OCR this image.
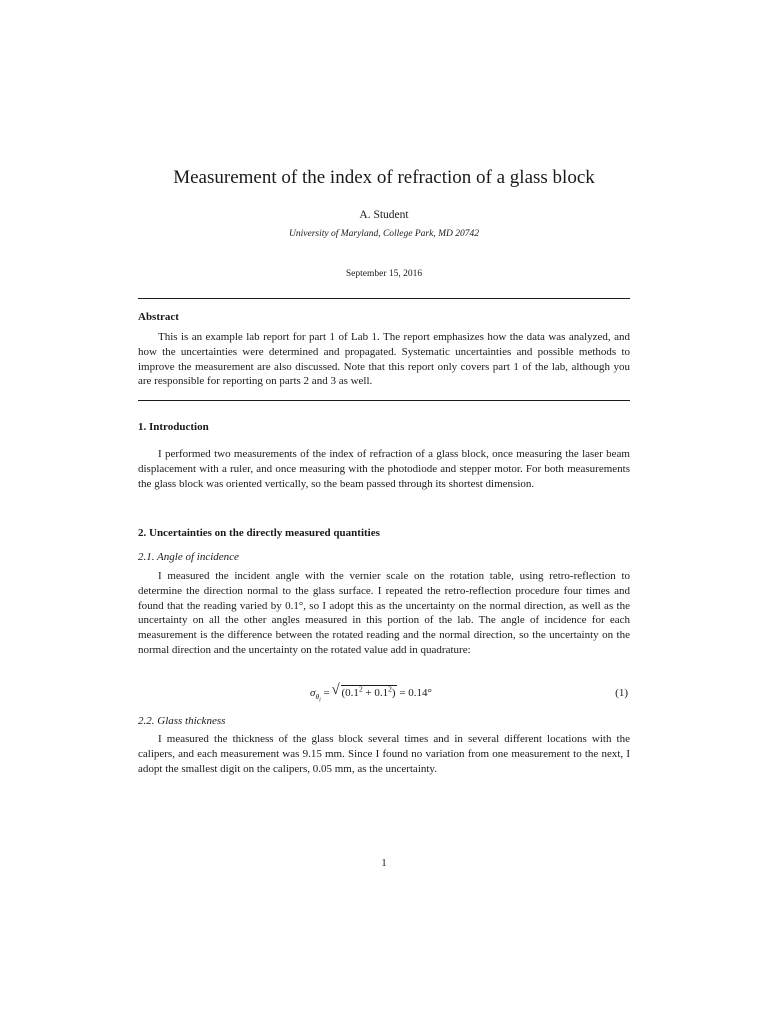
Measurement of the index of refraction of a glass block
A. Student
University of Maryland, College Park, MD 20742
September 15, 2016
Abstract
This is an example lab report for part 1 of Lab 1. The report emphasizes how the data was analyzed, and how the uncertainties were determined and propagated. Systematic uncertainties and possible methods to improve the measurement are also discussed. Note that this report only covers part 1 of the lab, although you are responsible for reporting on parts 2 and 3 as well.
1. Introduction
I performed two measurements of the index of refraction of a glass block, once measuring the laser beam displacement with a ruler, and once measuring with the photodiode and stepper motor. For both measurements the glass block was oriented vertically, so the beam passed through its shortest dimension.
2. Uncertainties on the directly measured quantities
2.1. Angle of incidence
I measured the incident angle with the vernier scale on the rotation table, using retro-reflection to determine the direction normal to the glass surface. I repeated the retro-reflection procedure four times and found that the reading varied by 0.1°, so I adopt this as the uncertainty on the normal direction, as well as the uncertainty on all the other angles measured in this portion of the lab. The angle of incidence for each measurement is the difference between the rotated reading and the normal direction, so the uncertainty on the normal direction and the uncertainty on the rotated value add in quadrature:
$\sigma_{\theta_i}$ = √ $(0.1^2 + 0.1^2) = 0.14^\circ$	(1)
2.2. Glass thickness
I measured the thickness of the glass block several times and in several different locations with the calipers, and each measurement was 9.15 mm. Since I found no variation from one measurement to the next, I adopt the smallest digit on the calipers, 0.05 mm, as the uncertainty.
1
